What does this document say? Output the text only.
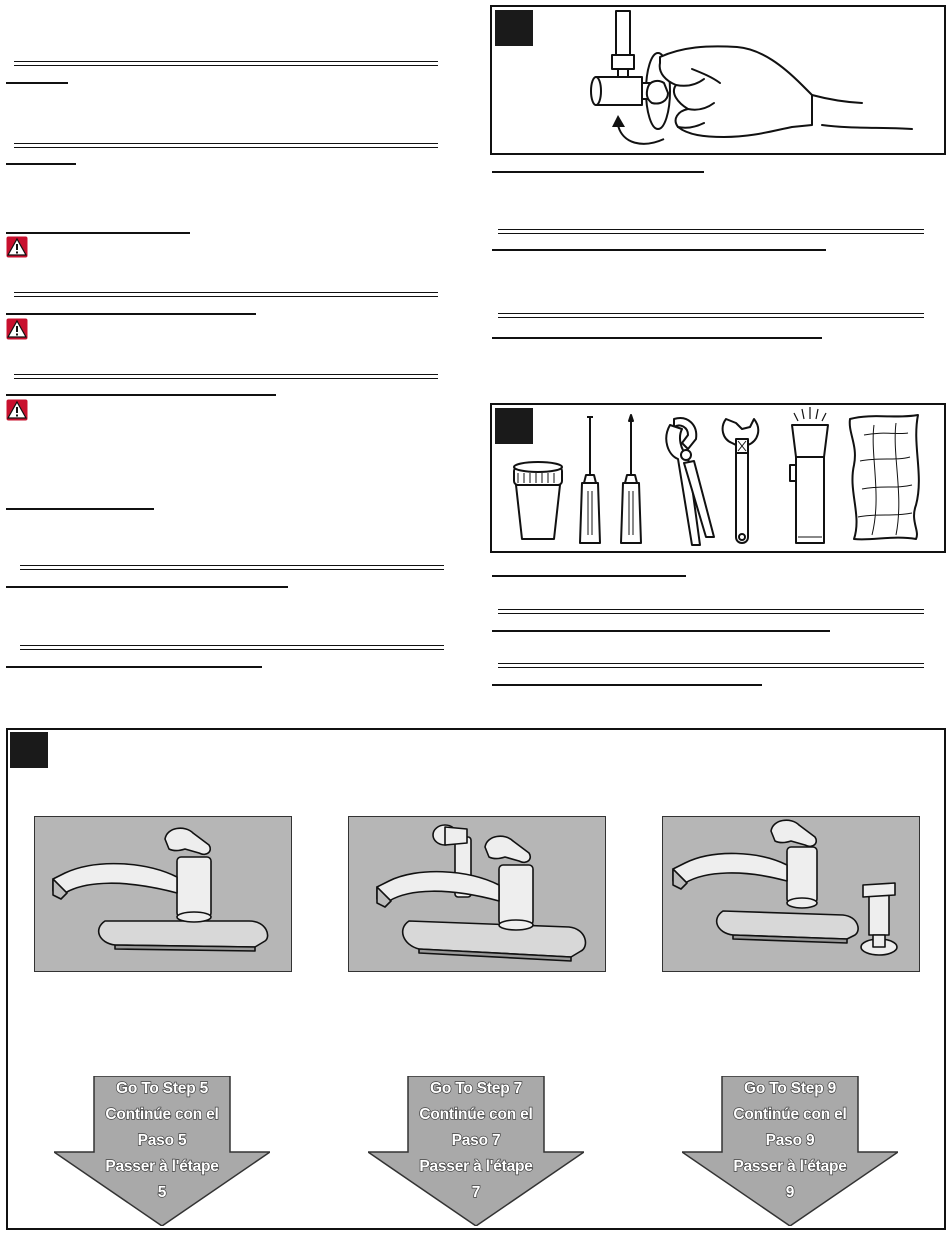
Go To Step 5
Continúe con el
Paso 5
Passer à l'étape
5
Go To Step 7
Continúe con el
Paso 7
Passer à l'étape
7
Go To Step 9
Continúe con el
Paso 9
Passer à l'étape
9
